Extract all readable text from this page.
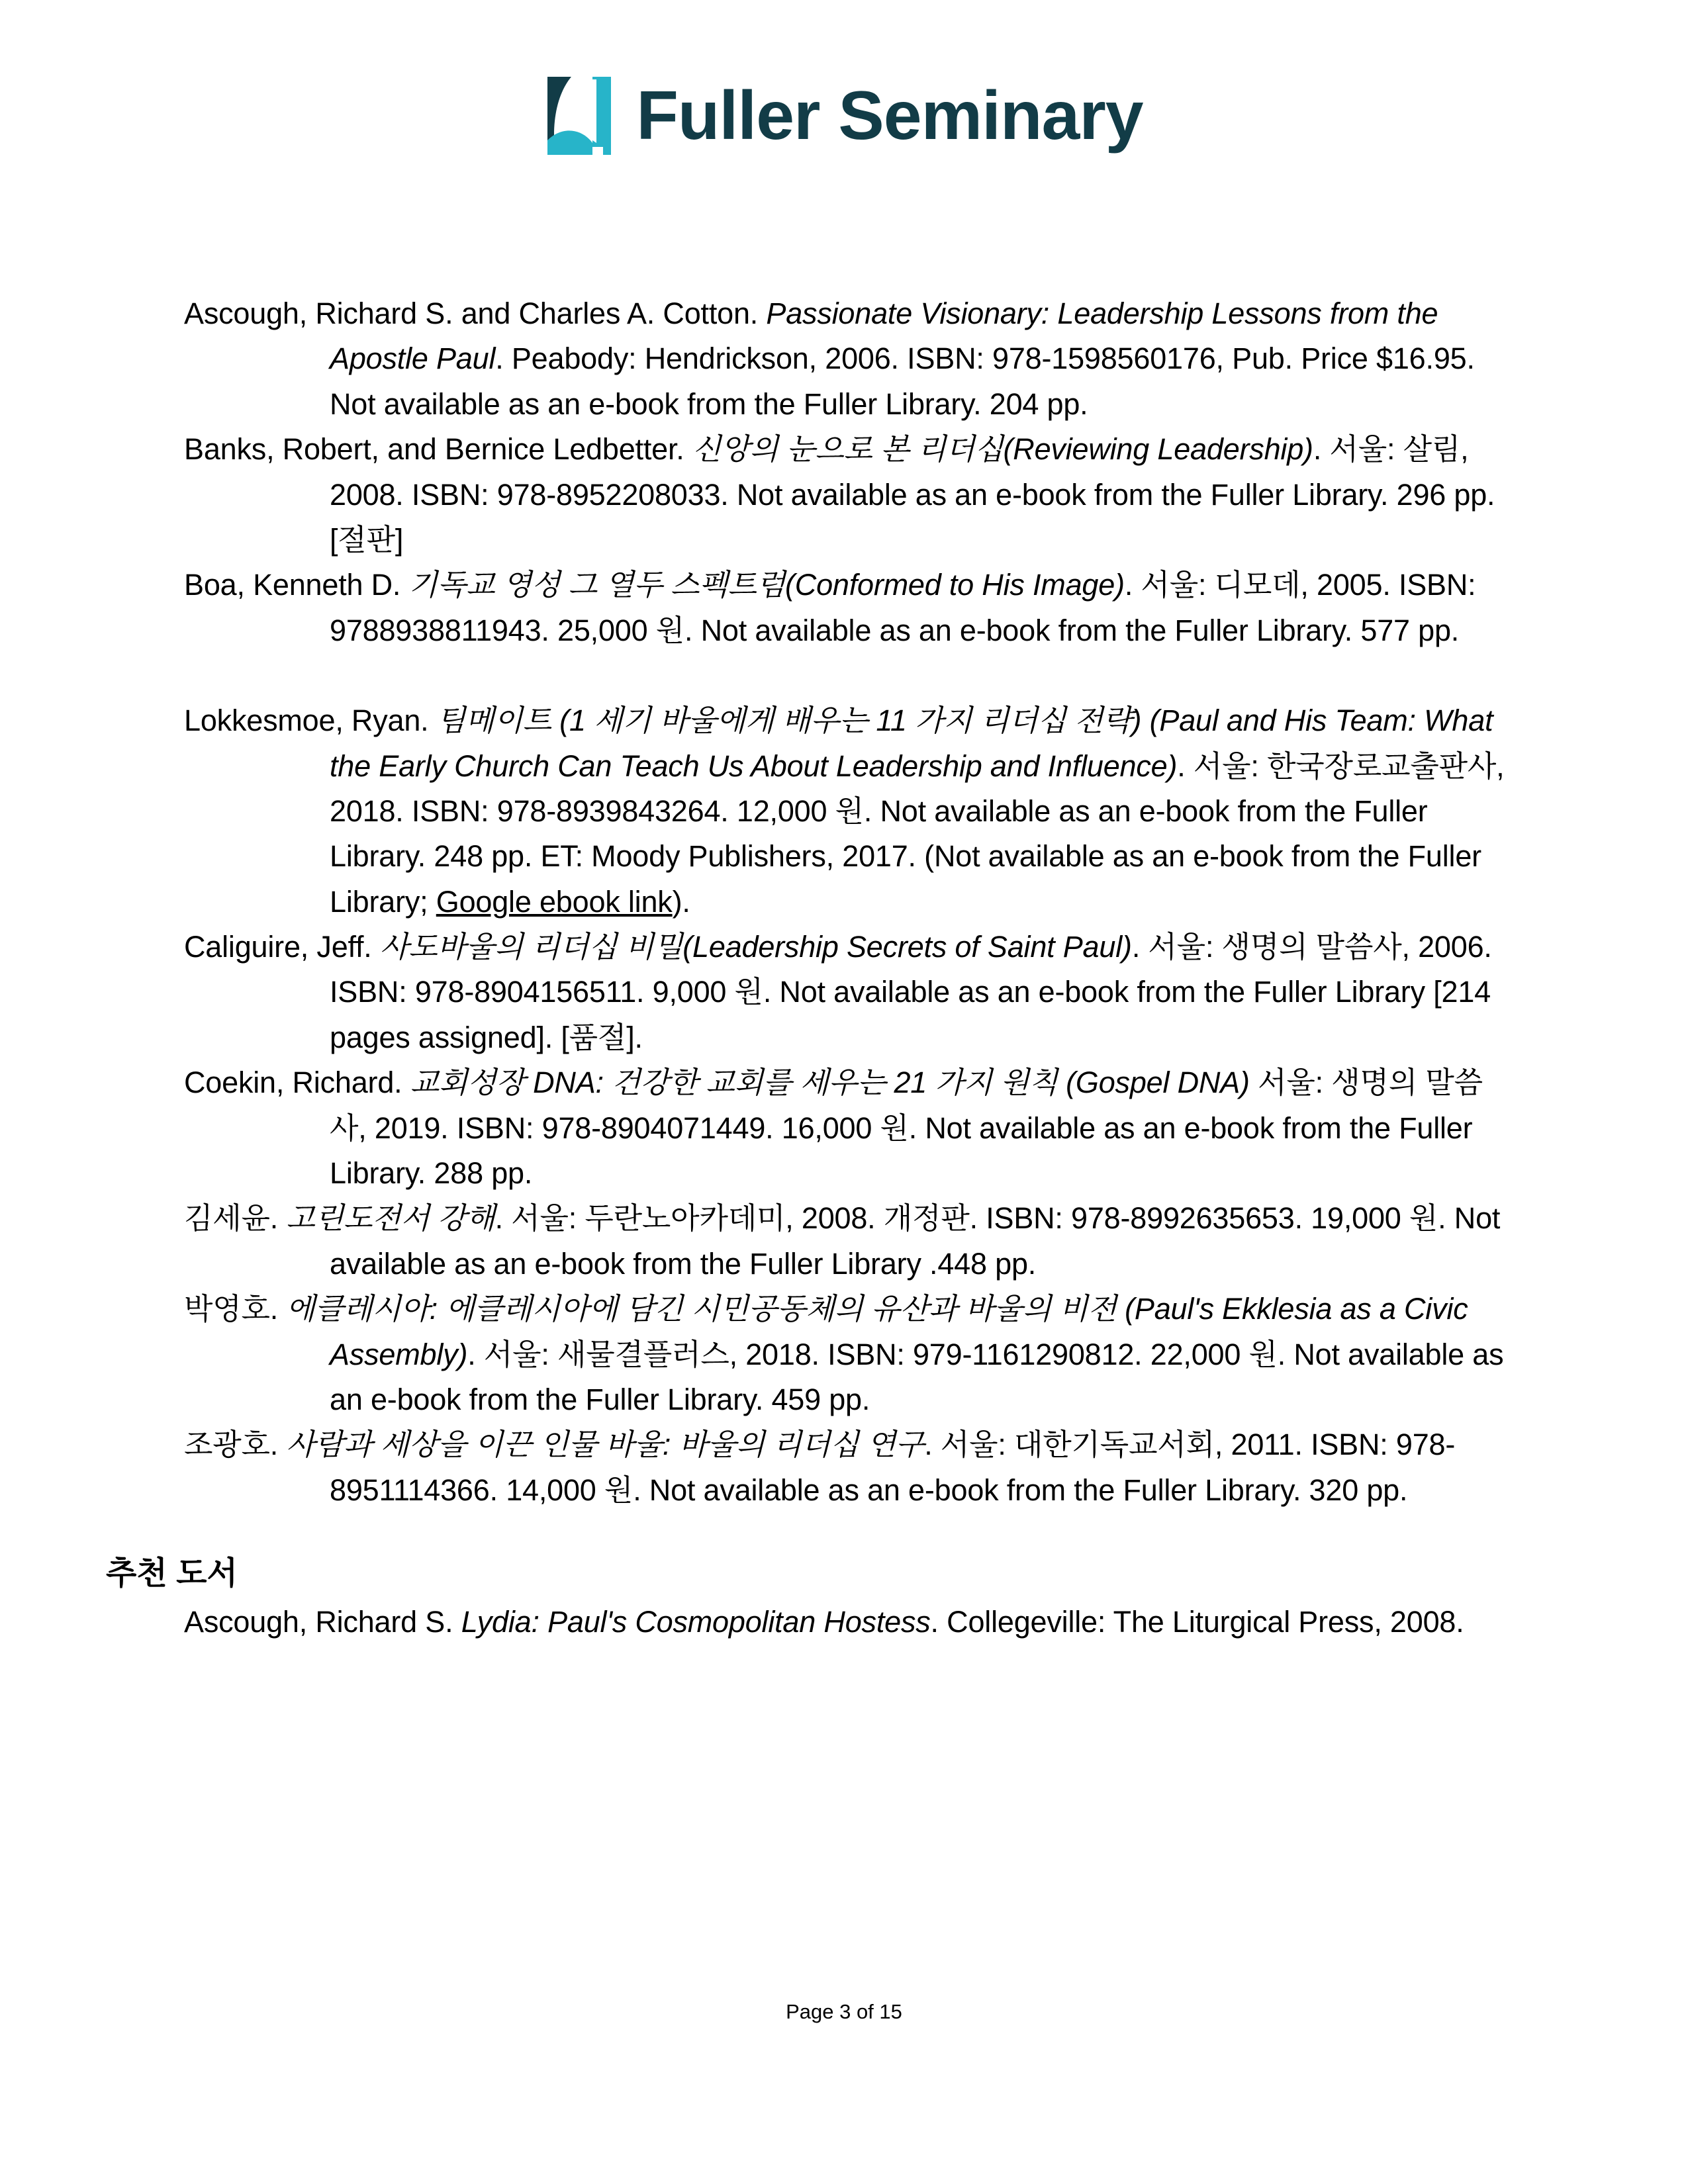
Fuller Seminary

Ascough, Richard S. and Charles A. Cotton. Passionate Visionary: Leadership Lessons from the Apostle Paul. Peabody: Hendrickson, 2006. ISBN: 978-1598560176, Pub. Price $16.95. Not available as an e-book from the Fuller Library. 204 pp.

Banks, Robert, and Bernice Ledbetter. 신앙의 눈으로 본 리더십(Reviewing Leadership). 서울: 살림, 2008. ISBN: 978-8952208033. Not available as an e-book from the Fuller Library. 296 pp. [절판]

Boa, Kenneth D. 기독교 영성 그 열두 스펙트럼(Conformed to His Image). 서울: 디모데, 2005. ISBN: 9788938811943. 25,000 원. Not available as an e-book from the Fuller Library. 577 pp.

Lokkesmoe, Ryan. 팀메이트 (1 세기 바울에게 배우는 11 가지 리더십 전략) (Paul and His Team: What the Early Church Can Teach Us About Leadership and Influence). 서울: 한국장로교출판사, 2018. ISBN: 978-8939843264. 12,000 원. Not available as an e-book from the Fuller Library. 248 pp. ET: Moody Publishers, 2017. (Not available as an e-book from the Fuller Library; Google ebook link).

Caliguire, Jeff. 사도바울의 리더십 비밀(Leadership Secrets of Saint Paul). 서울: 생명의 말씀사, 2006. ISBN: 978-8904156511. 9,000 원. Not available as an e-book from the Fuller Library [214 pages assigned]. [품절].

Coekin, Richard. 교회성장 DNA: 건강한 교회를 세우는 21 가지 원칙 (Gospel DNA) 서울: 생명의 말씀사, 2019. ISBN: 978-8904071449. 16,000 원. Not available as an e-book from the Fuller Library. 288 pp.

김세윤. 고린도전서 강해. 서울: 두란노아카데미, 2008. 개정판. ISBN: 978-8992635653. 19,000 원. Not available as an e-book from the Fuller Library .448 pp.

박영호. 에클레시아: 에클레시아에 담긴 시민공동체의 유산과 바울의 비전 (Paul's Ekklesia as a Civic Assembly). 서울: 새물결플러스, 2018. ISBN: 979-1161290812. 22,000 원. Not available as an e-book from the Fuller Library. 459 pp.

조광호. 사람과 세상을 이끈 인물 바울: 바울의 리더십 연구. 서울: 대한기독교서회, 2011. ISBN: 978-8951114366. 14,000 원. Not available as an e-book from the Fuller Library. 320 pp.

추천 도서

Ascough, Richard S. Lydia: Paul's Cosmopolitan Hostess. Collegeville: The Liturgical Press, 2008.

Page 3 of 15
